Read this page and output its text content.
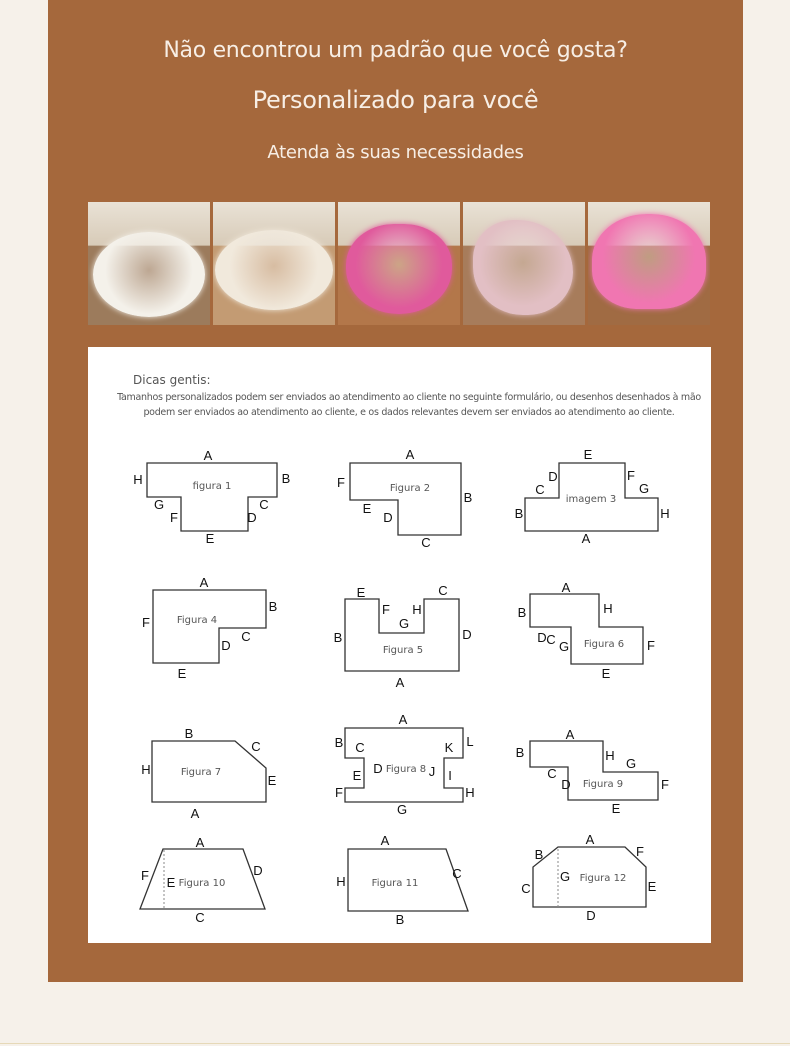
Não encontrou um padrão que você gosta?
Personalizado para você
Atenda às suas necessidades
Dicas gentis:
Tamanhos personalizados podem ser enviados ao atendimento ao cliente no seguinte formulário, ou desenhos desenhados à mão podem ser enviados ao atendimento ao cliente, e os dados relevantes devem ser enviados ao atendimento ao cliente.
A
B
C
D
E
F
G
H	figura 1
A
B
C
D
E
F	Figura 2
A
B
C
D
E
F
G
H
imagem 3
A
B
C
D
E
F	Figura 4
A
B
C
D
E
F
G
H
Figura 5
A
B
C
D
E
F
G
H
Figura 6
A
B
C
E
H	Figura 7
A
B C
D
E
F
G
H
I
J
K L
Figura 8
A
B
C
D
E
F
G
H
Figura 9
A
C
D
E
F
Figura 10
A
B
C
H	Figura 11
A
B
C
D
E
F
G Figura 12
